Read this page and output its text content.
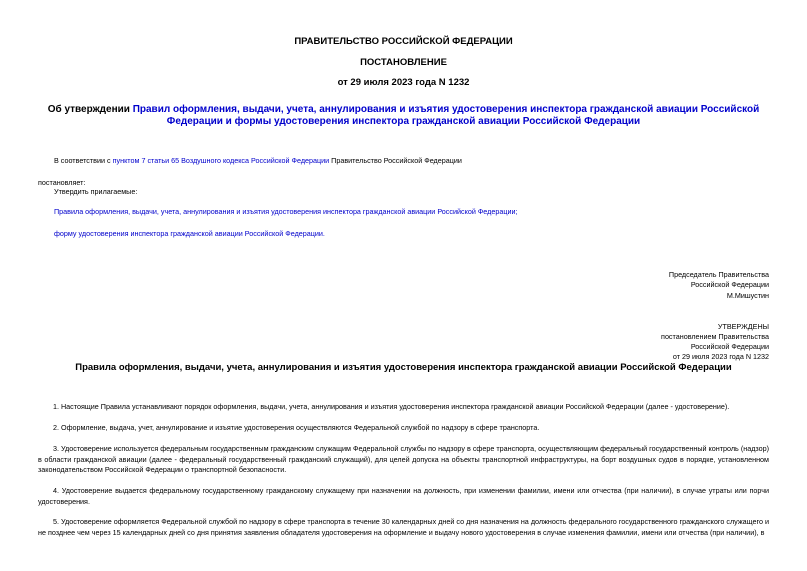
ПРАВИТЕЛЬСТВО РОССИЙСКОЙ ФЕДЕРАЦИИ
ПОСТАНОВЛЕНИЕ
от 29 июля 2023 года N 1232
Об утверждении Правил оформления, выдачи, учета, аннулирования и изъятия удостоверения инспектора гражданской авиации Российской Федерации и формы удостоверения инспектора гражданской авиации Российской Федерации
В соответствии с пунктом 7 статьи 65 Воздушного кодекса Российской Федерации Правительство Российской Федерации
постановляет:
Утвердить прилагаемые:
Правила оформления, выдачи, учета, аннулирования и изъятия удостоверения инспектора гражданской авиации Российской Федерации;
форму удостоверения инспектора гражданской авиации Российской Федерации.
Председатель Правительства
Российской Федерации
М.Мишустин
УТВЕРЖДЕНЫ
постановлением Правительства
Российской Федерации
от 29 июля 2023 года N 1232
Правила оформления, выдачи, учета, аннулирования и изъятия удостоверения инспектора гражданской авиации Российской Федерации
1. Настоящие Правила устанавливают порядок оформления, выдачи, учета, аннулирования и изъятия удостоверения инспектора гражданской авиации Российской Федерации (далее - удостоверение).
2. Оформление, выдача, учет, аннулирование и изъятие удостоверения осуществляются Федеральной службой по надзору в сфере транспорта.
3. Удостоверение используется федеральным государственным гражданским служащим Федеральной службы по надзору в сфере транспорта, осуществляющим федеральный государственный контроль (надзор) в области гражданской авиации (далее - федеральный государственный гражданский служащий), для целей допуска на объекты транспортной инфраструктуры, на борт воздушных судов в порядке, установленном законодательством Российской Федерации о транспортной безопасности.
4. Удостоверение выдается федеральному государственному гражданскому служащему при назначении на должность, при изменении фамилии, имени или отчества (при наличии), в случае утраты или порчи удостоверения.
5. Удостоверение оформляется Федеральной службой по надзору в сфере транспорта в течение 30 календарных дней со дня назначения на должность федерального государственного гражданского служащего и не позднее чем через 15 календарных дней со дня принятия заявления обладателя удостоверения на оформление и выдачу нового удостоверения в случае изменения фамилии, имени или отчества (при наличии), в
